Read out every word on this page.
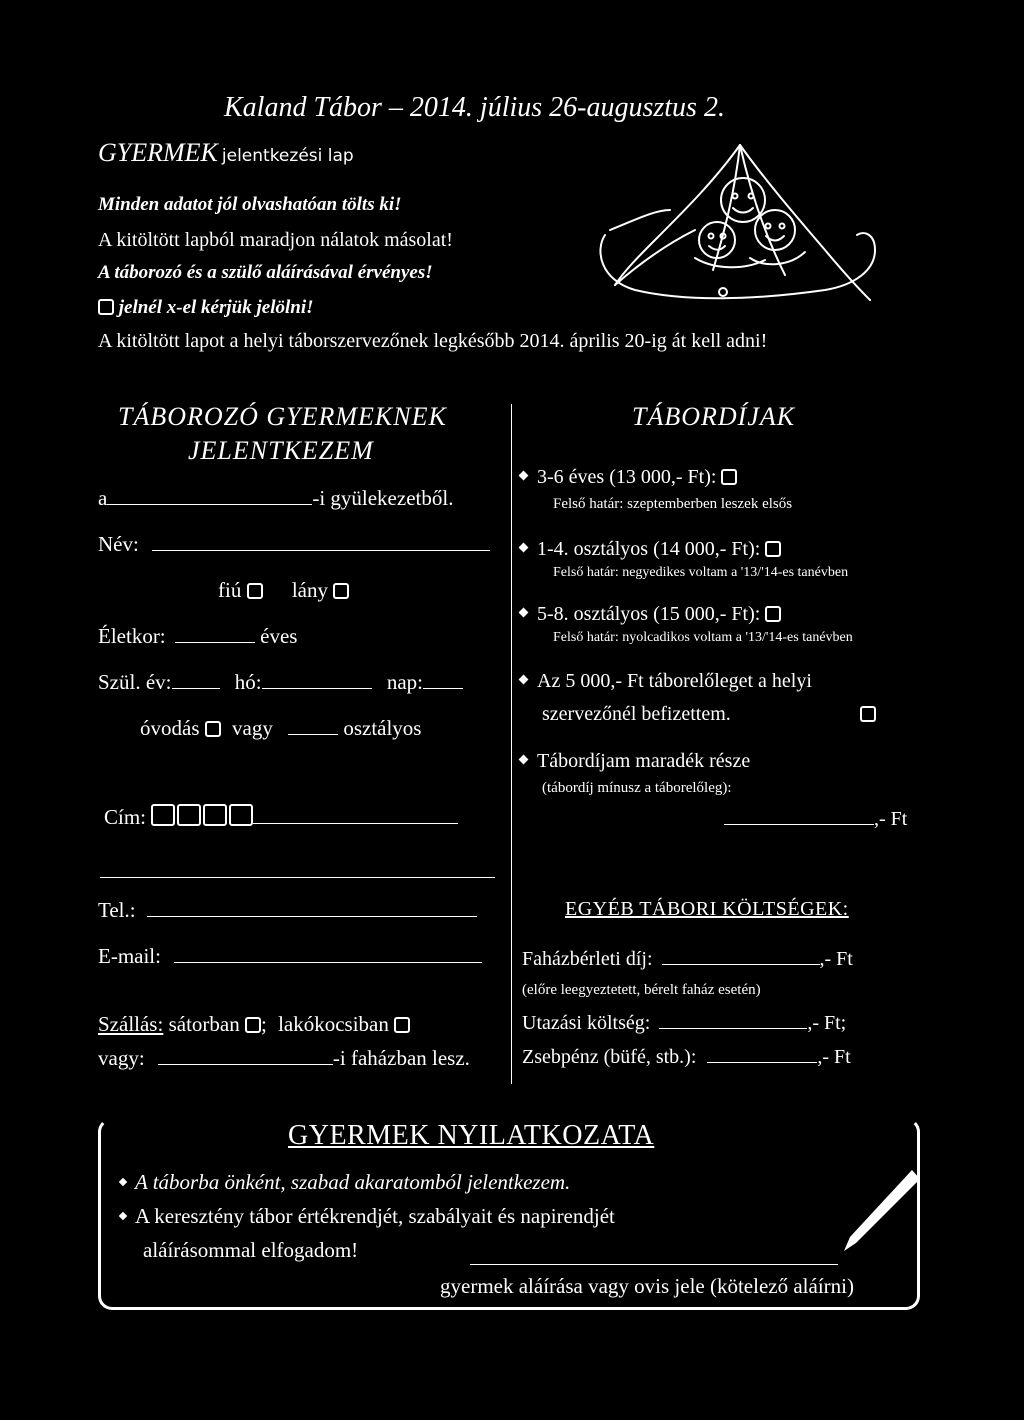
Kaland Tábor – 2014. július 26-augusztus 2.
GYERMEK jelentkezési lap
Minden adatot jól olvashatóan tölts ki!
A kitöltött lapból maradjon nálatok másolat!
A táborozó és a szülő aláírásával érvényes!
jelnél x-el kérjük jelölni!
A kitöltött lapot a helyi táborszervezőnek legkésőbb 2014. április 20-ig át kell adni!
TÁBOROZÓ GYERMEKNEK
JELENTKEZEM
a	-i gyülekezetből.
Név:
fiú lány
Életkor:	éves
Szül. év:	hó:	nap:
óvodás vagy	osztályos
Cím:
Tel.:
E-mail:
Szállás: sátorban ; lakókocsiban
vagy:	-i faházban lesz.
TÁBORDÍJAK
3-6 éves (13 000,- Ft):
Felső határ: szeptemberben leszek elsős
1-4. osztályos (14 000,- Ft):
Felső határ: negyedikes voltam a '13/'14-es tanévben
5-8. osztályos (15 000,- Ft):
Felső határ: nyolcadikos voltam a '13/'14-es tanévben
Az 5 000,- Ft táborelőleget a helyi
szervezőnél befizettem.
Tábordíjam maradék része
(tábordíj mínusz a táborelőleg):
,- Ft
EGYÉB TÁBORI KÖLTSÉGEK:
Faházbérleti díj:	,- Ft
(előre leegyeztetett, bérelt faház esetén)
Utazási költség:	,- Ft;
Zsebpénz (büfé, stb.):	,- Ft
GYERMEK NYILATKOZATA
A táborba önként, szabad akaratomból jelentkezem.
A keresztény tábor értékrendjét, szabályait és napirendjét
aláírásommal elfogadom!
gyermek aláírása vagy ovis jele (kötelező aláírni)
